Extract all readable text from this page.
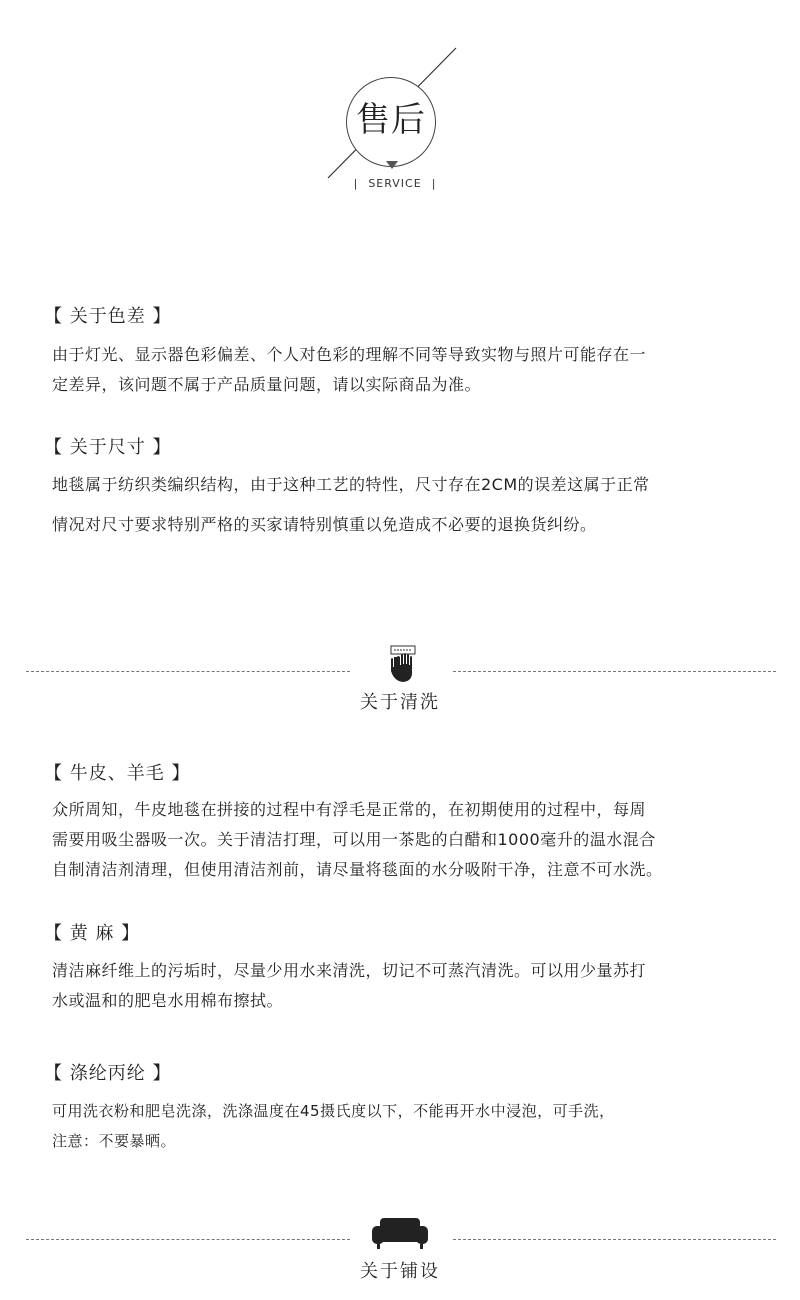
售后
| SERVICE |
【 关于色差 】
由于灯光、显示器色彩偏差、个人对色彩的理解不同等导致实物与照片可能存在一
定差异，该问题不属于产品质量问题，请以实际商品为准。
【 关于尺寸 】
地毯属于纺织类编织结构，由于这种工艺的特性，尺寸存在2CM的误差这属于正常
情况对尺寸要求特别严格的买家请特别慎重以免造成不必要的退换货纠纷。
关于清洗
【 牛皮、羊毛 】
众所周知，牛皮地毯在拼接的过程中有浮毛是正常的，在初期使用的过程中，每周
需要用吸尘器吸一次。关于清洁打理，可以用一茶匙的白醋和1000毫升的温水混合
自制清洁剂清理，但使用清洁剂前，请尽量将毯面的水分吸附干净，注意不可水洗。
【 黄 麻 】
清洁麻纤维上的污垢时，尽量少用水来清洗，切记不可蒸汽清洗。可以用少量苏打
水或温和的肥皂水用棉布擦拭。
【 涤纶丙纶 】
可用洗衣粉和肥皂洗涤，洗涤温度在45摄氏度以下，不能再开水中浸泡，可手洗，
注意：不要暴晒。
关于铺设
